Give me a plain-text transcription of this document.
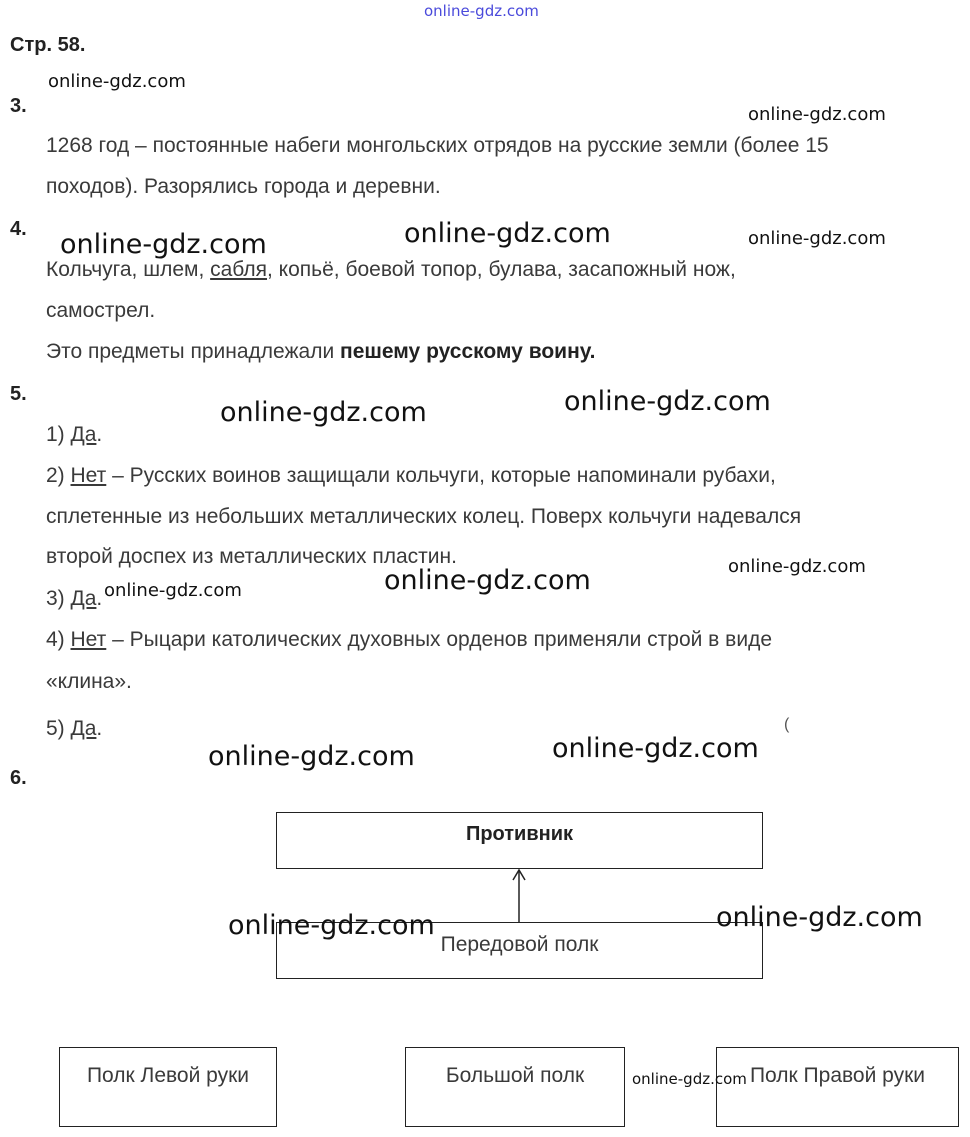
online-gdz.com
online-gdz.com
online-gdz.com
online-gdz.com	online-gdz.com	online-gdz.com
online-gdz.com	online-gdz.com
online-gdz.com
online-gdz.com
online-gdz.com
online-gdz.com	online-gdz.com
Стр. 58.
3.
1268 год – постоянные набеги монгольских отрядов на русские земли (более 15
походов). Разорялись города и деревни.
4.
Кольчуга, шлем, сабля, копьё, боевой топор, булава, засапожный нож,
самострел.
Это предметы принадлежали пешему русскому воину.
5.
1) Да.
2) Нет – Русских воинов защищали кольчуги, которые напоминали рубахи,
сплетенные из небольших металлических колец. Поверх кольчуги надевался
второй доспех из металлических пластин.
3) Да.
4) Нет – Рыцари католических духовных орденов применяли строй в виде
«клина».
5) Да.	(
6.
Противник
Передовой полк
Полк Левой руки	Большой полк	Полк Правой руки
online-gdz.com	online-gdz.com
online-gdz.com
